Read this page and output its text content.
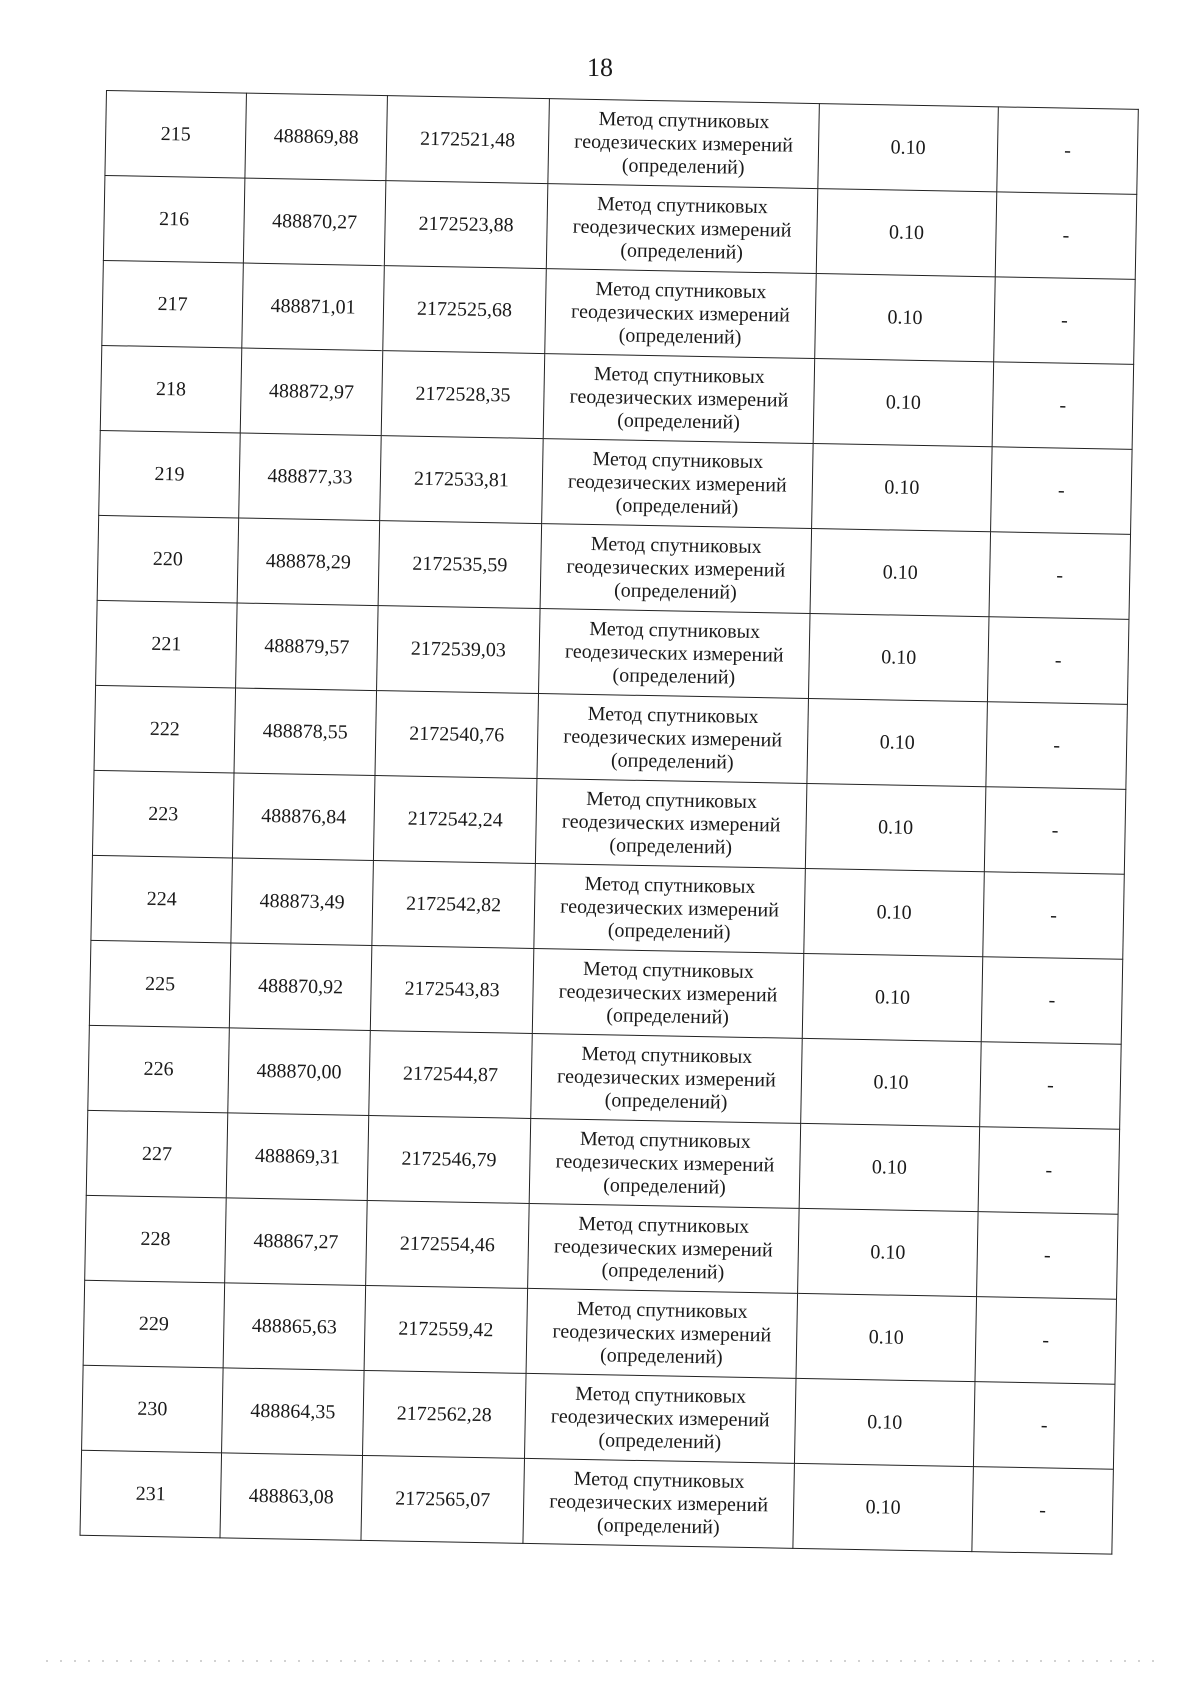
18
215	488869,88	2172521,48	Метод спутниковых
геодезических измерений
(определений)	0.10	-
216	488870,27	2172523,88	Метод спутниковых
геодезических измерений
(определений)	0.10	-
217	488871,01	2172525,68	Метод спутниковых
геодезических измерений
(определений)	0.10	-
218	488872,97	2172528,35	Метод спутниковых
геодезических измерений
(определений)	0.10	-
219	488877,33	2172533,81	Метод спутниковых
геодезических измерений
(определений)	0.10	-
220	488878,29	2172535,59	Метод спутниковых
геодезических измерений
(определений)	0.10	-
221	488879,57	2172539,03	Метод спутниковых
геодезических измерений
(определений)	0.10	-
222	488878,55	2172540,76	Метод спутниковых
геодезических измерений
(определений)	0.10	-
223	488876,84	2172542,24	Метод спутниковых
геодезических измерений
(определений)	0.10	-
224	488873,49	2172542,82	Метод спутниковых
геодезических измерений
(определений)	0.10	-
225	488870,92	2172543,83	Метод спутниковых
геодезических измерений
(определений)	0.10	-
226	488870,00	2172544,87	Метод спутниковых
геодезических измерений
(определений)	0.10	-
227	488869,31	2172546,79	Метод спутниковых
геодезических измерений
(определений)	0.10	-
228	488867,27	2172554,46	Метод спутниковых
геодезических измерений
(определений)	0.10	-
229	488865,63	2172559,42	Метод спутниковых
геодезических измерений
(определений)	0.10	-
230	488864,35	2172562,28	Метод спутниковых
геодезических измерений
(определений)	0.10	-
231	488863,08	2172565,07	Метод спутниковых
геодезических измерений
(определений)	0.10	-
